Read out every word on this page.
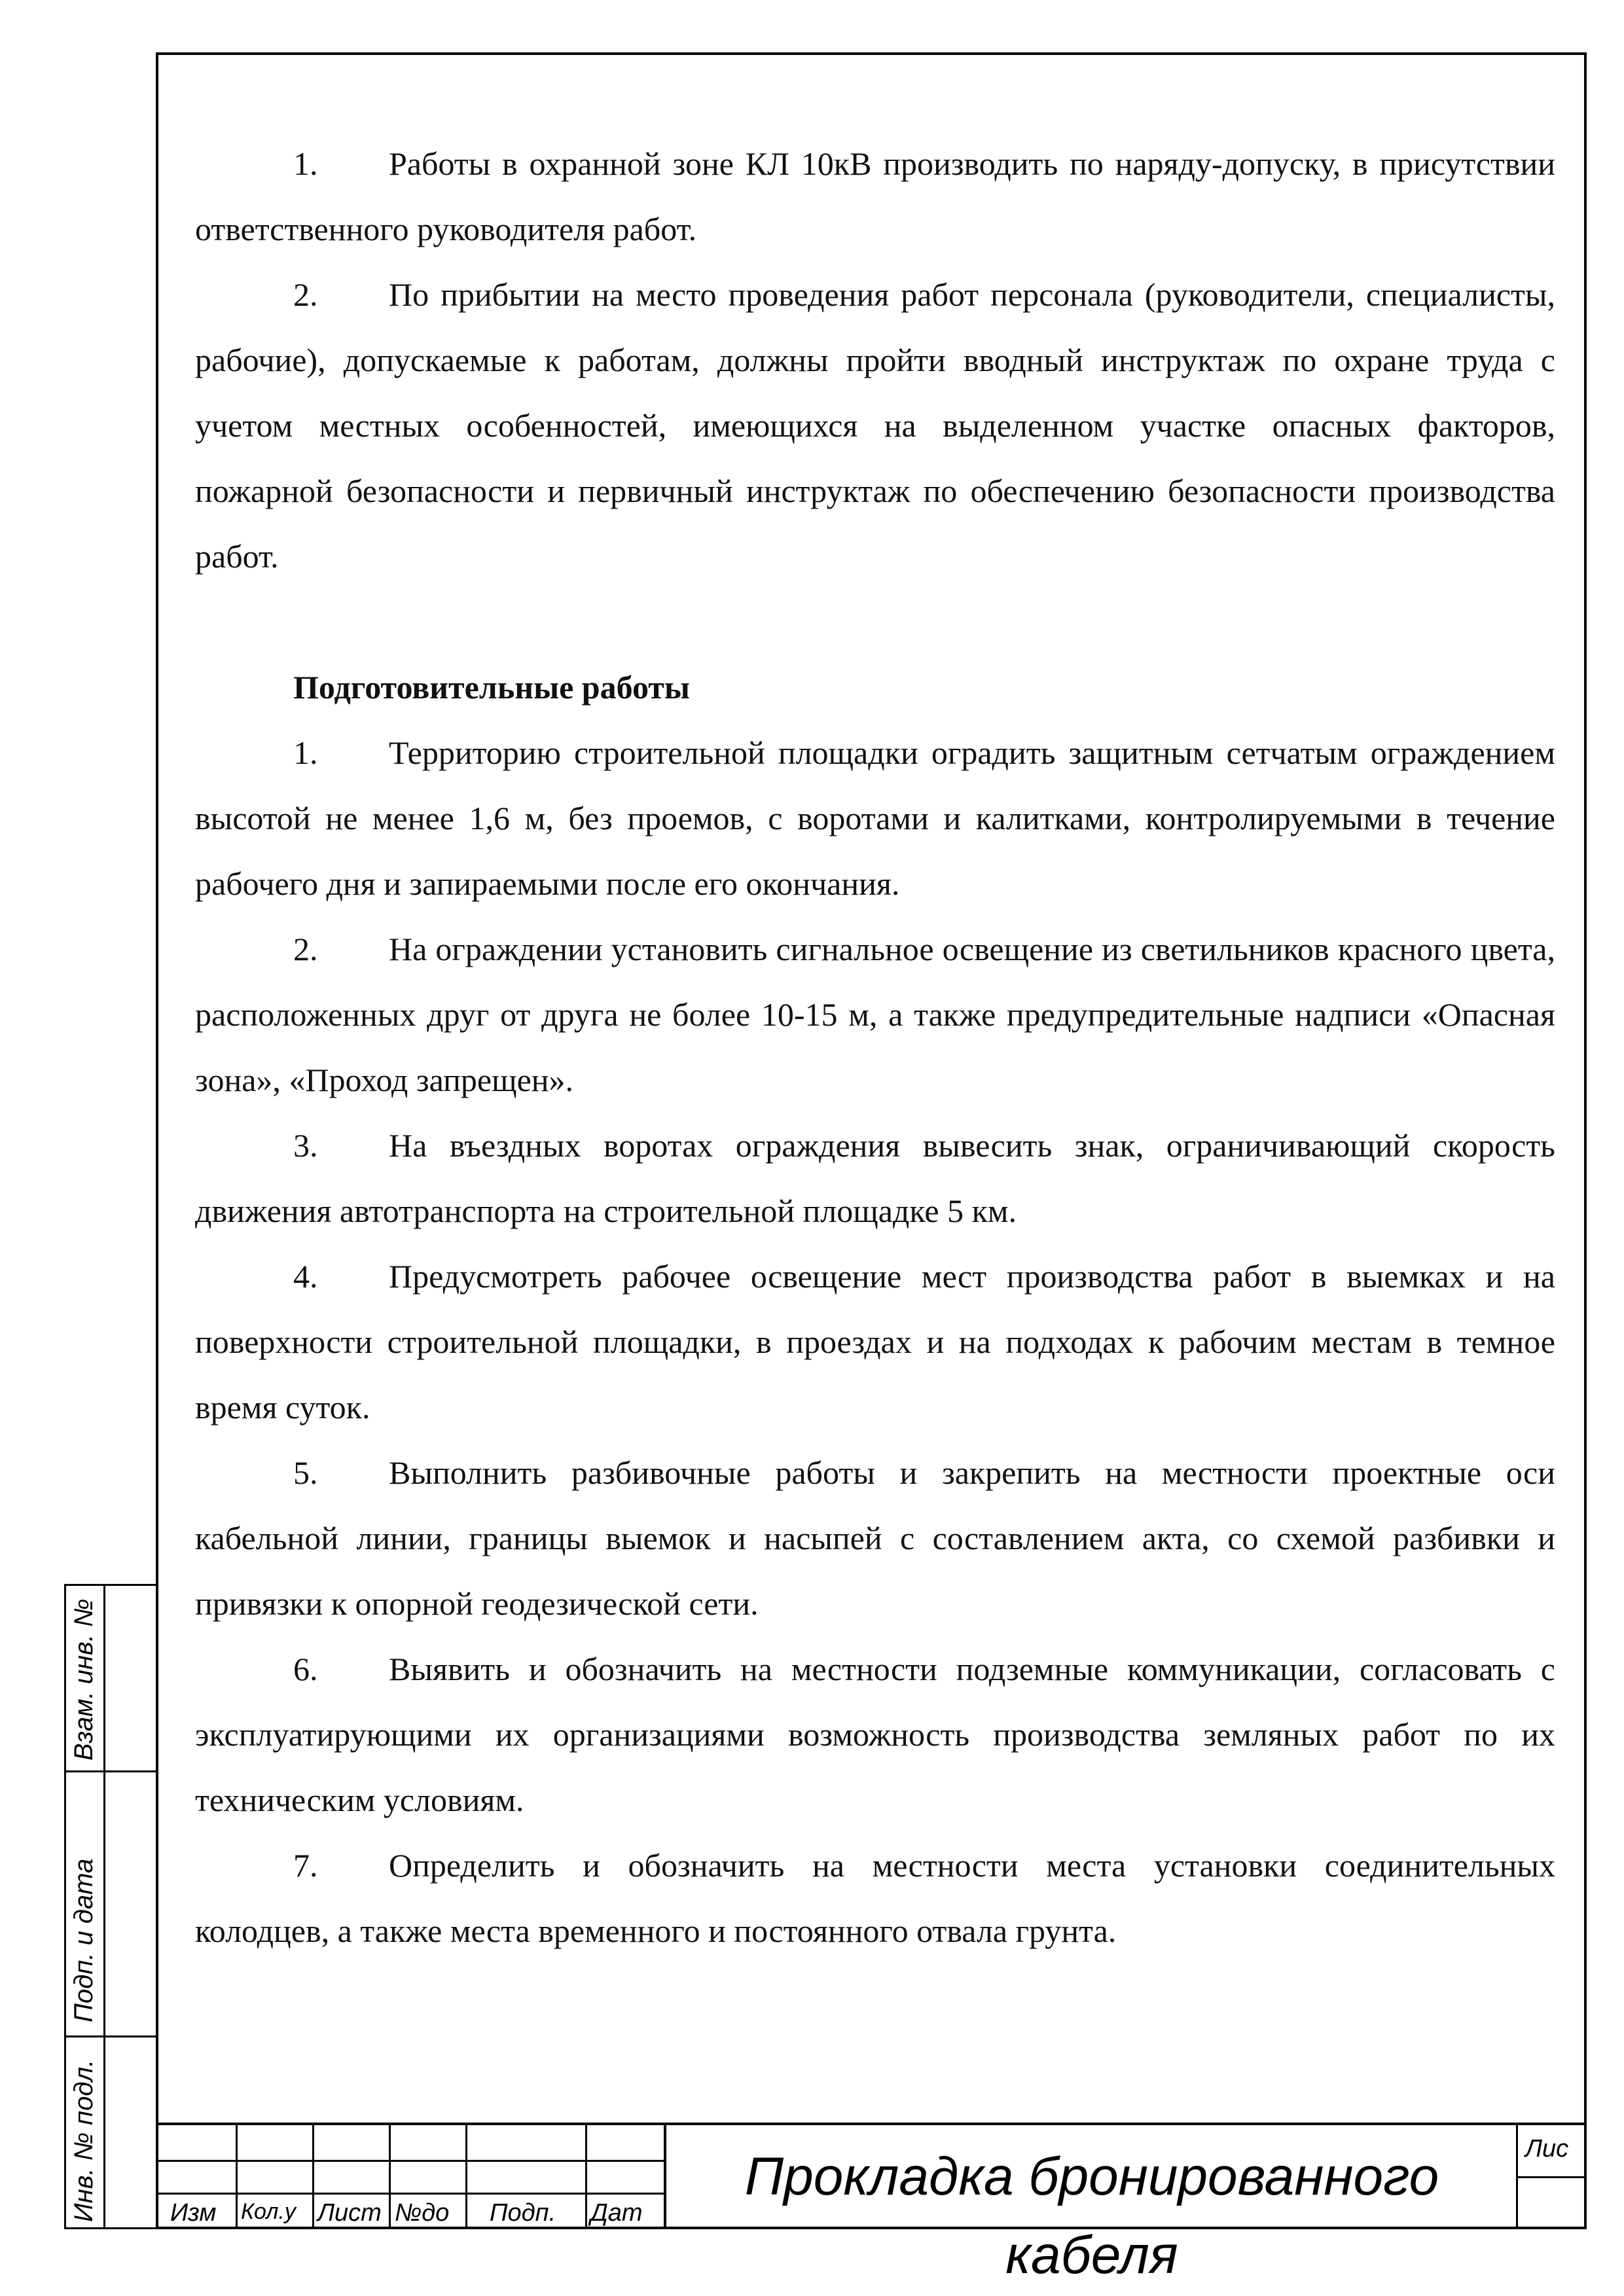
1. Работы в охранной зоне КЛ 10кВ производить по наряду-допуску, в присутствии ответственного руководителя работ.

2. По прибытии на место проведения работ персонала (руководители, специалисты, рабочие), допускаемые к работам, должны пройти вводный инструктаж по охране труда с учетом местных особенностей, имеющихся на выделенном участке опасных факторов, пожарной безопасности и первичный инструктаж по обеспечению безопасности производства работ.

Подготовительные работы

1. Территорию строительной площадки оградить защитным сетчатым ограждением высотой не менее 1,6 м, без проемов, с воротами и калитками, контролируемыми в течение рабочего дня и запираемыми после его окончания.

2. На ограждении установить сигнальное освещение из светильников красного цвета, расположенных друг от друга не более 10-15 м, а также предупредительные надписи «Опасная зона», «Проход запрещен».

3. На въездных воротах ограждения вывесить знак, ограничивающий скорость движения автотранспорта на строительной площадке 5 км.

4. Предусмотреть рабочее освещение мест производства работ в выемках и на поверхности строительной площадки, в проездах и на подходах к рабочим местам в темное время суток.

5. Выполнить разбивочные работы и закрепить на местности проектные оси кабельной линии, границы выемок и насыпей с составлением акта, со схемой разбивки и привязки к опорной геодезической сети.

6. Выявить и обозначить на местности подземные коммуникации, согласовать с эксплуатирующими их организациями возможность производства земляных работ по их техническим условиям.

7. Определить и обозначить на местности места установки соединительных колодцев, а также места временного и постоянного отвала грунта.

Взам. инв. №
Подп. и дата
Инв. № подл.	Изм Кол.у Лист №до Подп. Дат
Лис
Прокладка бронированного кабеля
